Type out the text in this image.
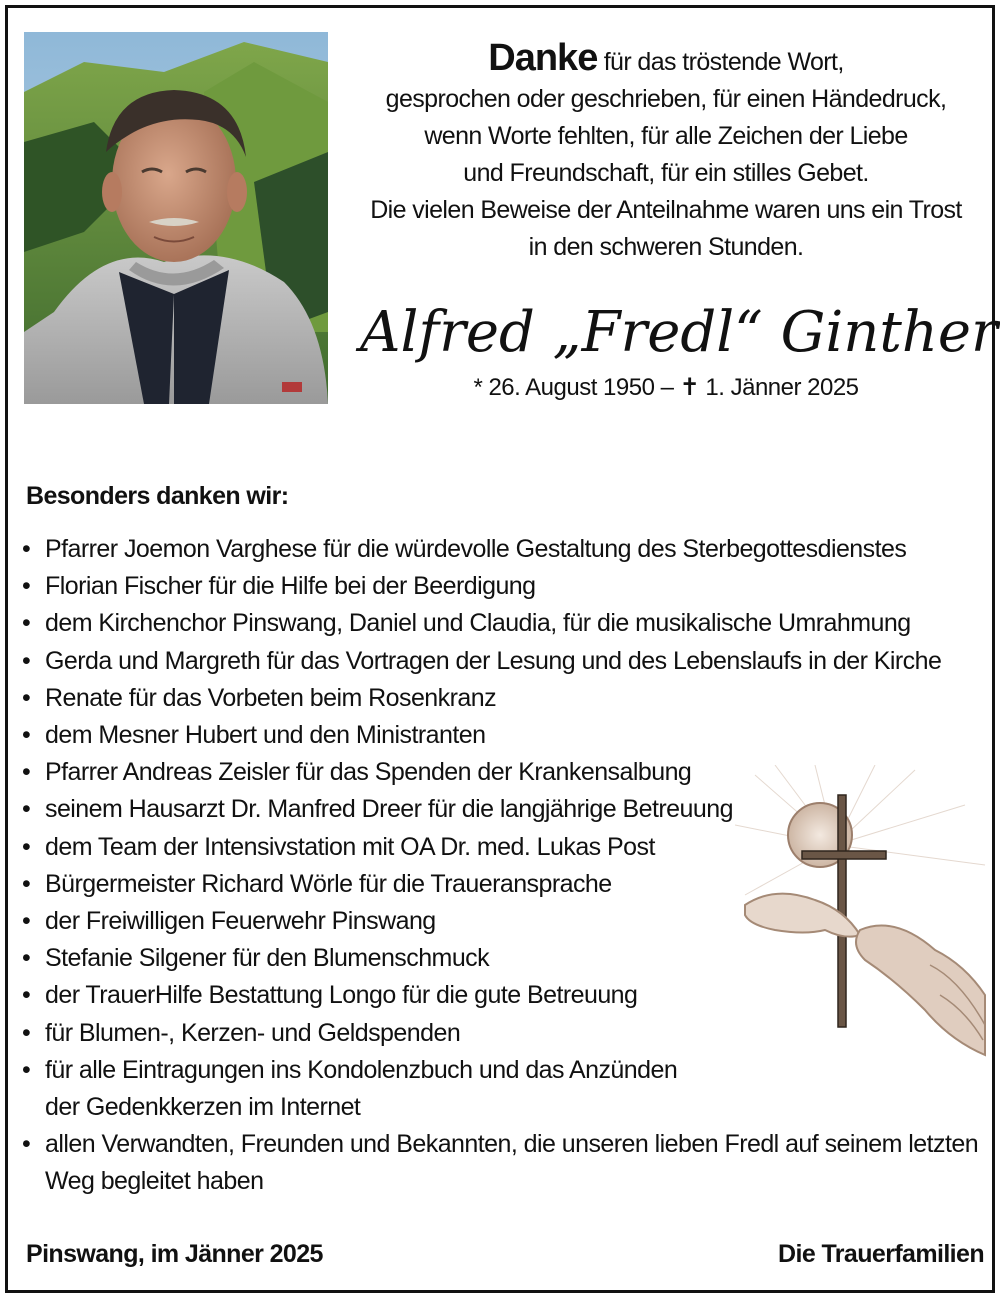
Danke für das tröstende Wort,
gesprochen oder geschrieben, für einen Händedruck,
wenn Worte fehlten, für alle Zeichen der Liebe
und Freundschaft, für ein stilles Gebet.
Die vielen Beweise der Anteilnahme waren uns ein Trost
in den schweren Stunden.
Alfred „Fredl“ Ginther
* 26. August 1950 – ✝ 1. Jänner 2025
Besonders danken wir:
• Pfarrer Joemon Varghese für die würdevolle Gestaltung des Sterbegottesdienstes
• Florian Fischer für die Hilfe bei der Beerdigung
• dem Kirchenchor Pinswang, Daniel und Claudia, für die musikalische Umrahmung
• Gerda und Margreth für das Vortragen der Lesung und des Lebenslaufs in der Kirche
• Renate für das Vorbeten beim Rosenkranz
• dem Mesner Hubert und den Ministranten
• Pfarrer Andreas Zeisler für das Spenden der Krankensalbung
• seinem Hausarzt Dr. Manfred Dreer für die langjährige Betreuung
• dem Team der Intensivstation mit OA Dr. med. Lukas Post
• Bürgermeister Richard Wörle für die Traueransprache
• der Freiwilligen Feuerwehr Pinswang
• Stefanie Silgener für den Blumenschmuck
• der TrauerHilfe Bestattung Longo für die gute Betreuung
• für Blumen-, Kerzen- und Geldspenden
• für alle Eintragungen ins Kondolenzbuch und das Anzünden
der Gedenkkerzen im Internet
• allen Verwandten, Freunden und Bekannten, die unseren lieben Fredl auf seinem letzten
Weg begleitet haben
Pinswang, im Jänner 2025	Die Trauerfamilien
